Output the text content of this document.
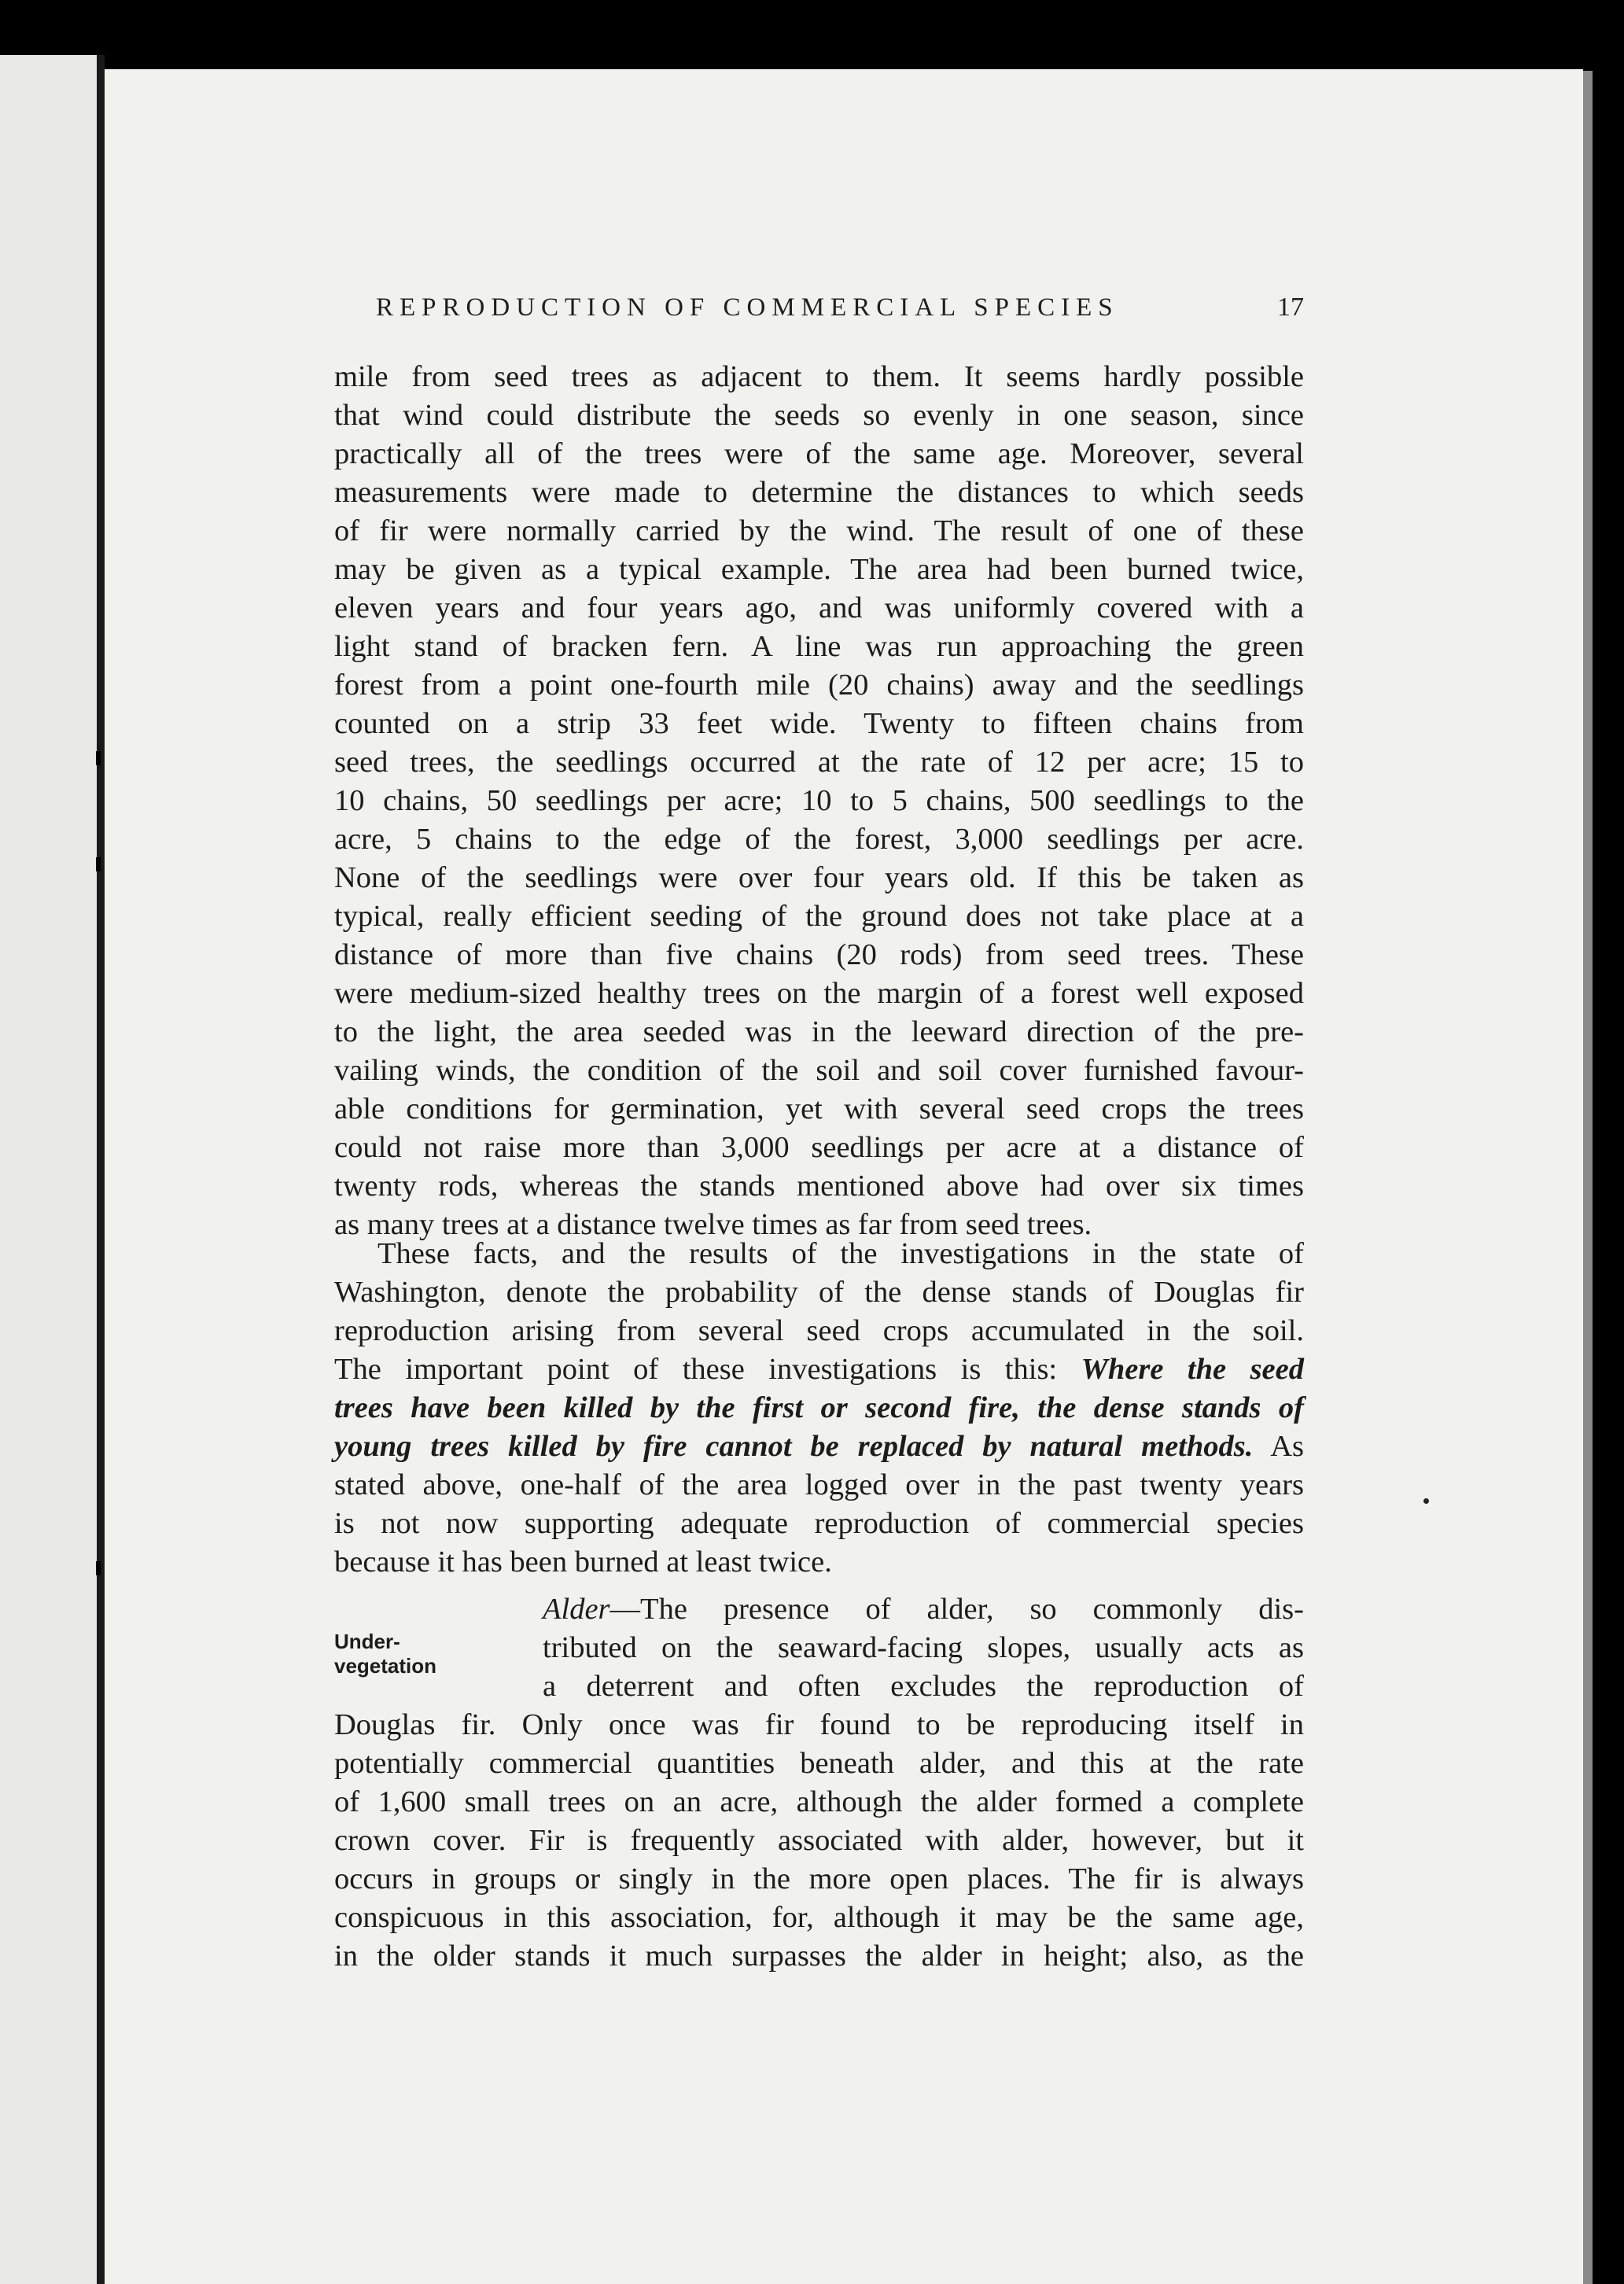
REPRODUCTION OF COMMERCIAL SPECIES	17
mile from seed trees as adjacent to them. It seems hardly possible
that wind could distribute the seeds so evenly in one season, since
practically all of the trees were of the same age. Moreover, several
measurements were made to determine the distances to which seeds
of fir were normally carried by the wind. The result of one of these
may be given as a typical example. The area had been burned twice,
eleven years and four years ago, and was uniformly covered with a
light stand of bracken fern. A line was run approaching the green
forest from a point one-fourth mile (20 chains) away and the seedlings
counted on a strip 33 feet wide. Twenty to fifteen chains from
seed trees, the seedlings occurred at the rate of 12 per acre; 15 to
10 chains, 50 seedlings per acre; 10 to 5 chains, 500 seedlings to the
acre, 5 chains to the edge of the forest, 3,000 seedlings per acre.
None of the seedlings were over four years old. If this be taken as
typical, really efficient seeding of the ground does not take place at a
distance of more than five chains (20 rods) from seed trees. These
were medium-sized healthy trees on the margin of a forest well exposed
to the light, the area seeded was in the leeward direction of the pre-
vailing winds, the condition of the soil and soil cover furnished favour-
able conditions for germination, yet with several seed crops the trees
could not raise more than 3,000 seedlings per acre at a distance of
twenty rods, whereas the stands mentioned above had over six times
as many trees at a distance twelve times as far from seed trees.
These facts, and the results of the investigations in the state of
Washington, denote the probability of the dense stands of Douglas fir
reproduction arising from several seed crops accumulated in the soil.
The important point of these investigations is this: Where the seed
trees have been killed by the first or second fire, the dense stands of
young trees killed by fire cannot be replaced by natural methods. As
stated above, one-half of the area logged over in the past twenty years
is not now supporting adequate reproduction of commercial species
because it has been burned at least twice.
Under-
vegetation
Alder—The presence of alder, so commonly dis-
tributed on the seaward-facing slopes, usually acts as
a deterrent and often excludes the reproduction of
Douglas fir. Only once was fir found to be reproducing itself in
potentially commercial quantities beneath alder, and this at the rate
of 1,600 small trees on an acre, although the alder formed a complete
crown cover. Fir is frequently associated with alder, however, but it
occurs in groups or singly in the more open places. The fir is always
conspicuous in this association, for, although it may be the same age,
in the older stands it much surpasses the alder in height; also, as the
